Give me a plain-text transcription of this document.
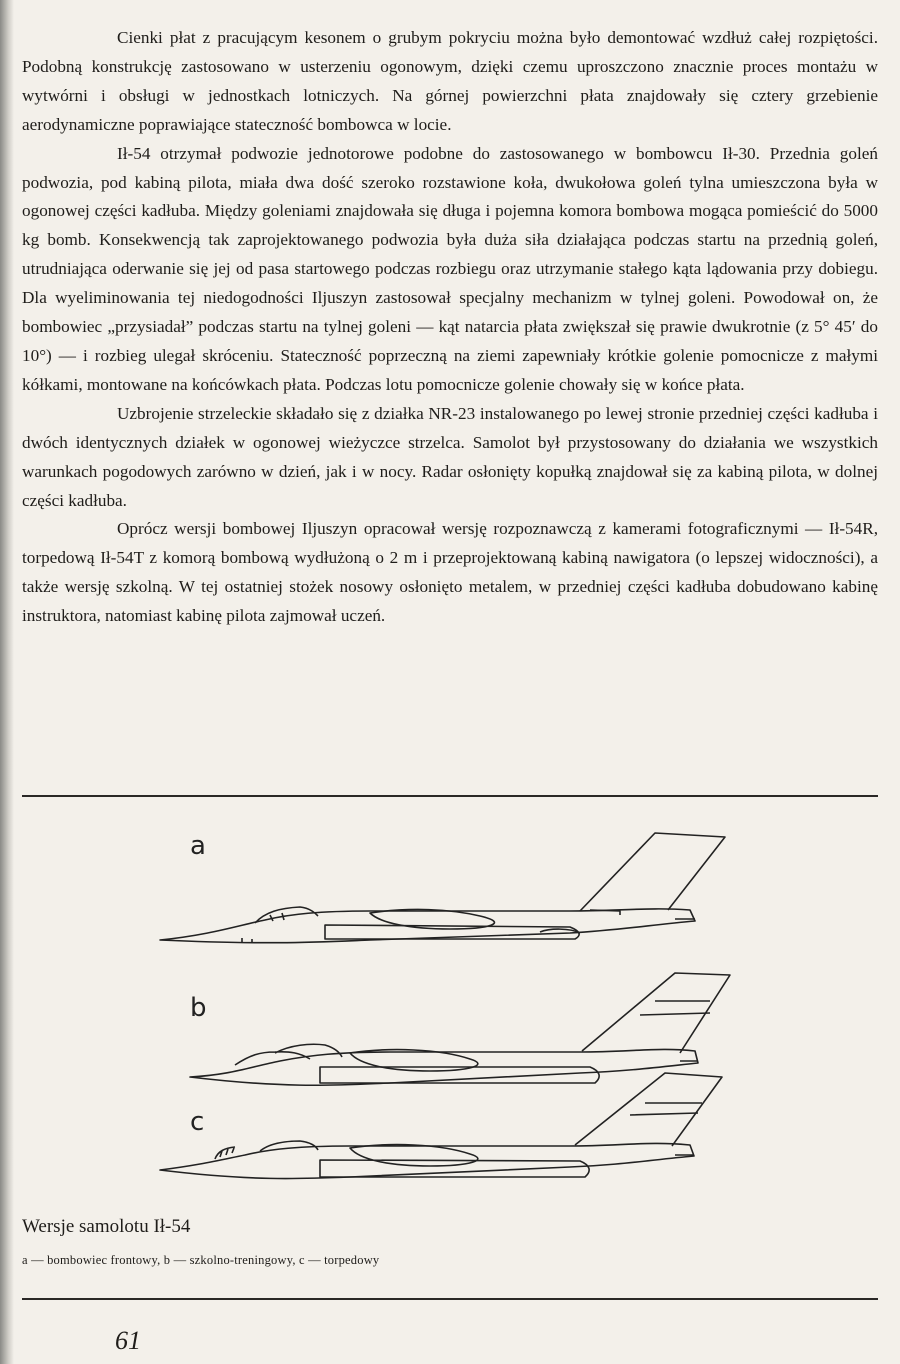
Cienki płat z pracującym kesonem o grubym pokryciu można było demontować wzdłuż całej rozpiętości. Podobną konstrukcję zastosowano w usterzeniu ogonowym, dzięki czemu uproszczono znacznie proces montażu w wytwórni i obsługi w jednostkach lotniczych. Na górnej powierzchni płata znajdowały się cztery grzebienie aerodynamiczne poprawiające stateczność bombowca w locie.

Ił-54 otrzymał podwozie jednotorowe podobne do zastosowanego w bombowcu Ił-30. Przednia goleń podwozia, pod kabiną pilota, miała dwa dość szeroko rozstawione koła, dwukołowa goleń tylna umieszczona była w ogonowej części kadłuba. Między goleniami znajdowała się długa i pojemna komora bombowa mogąca pomieścić do 5000 kg bomb. Konsekwencją tak zaprojektowanego podwozia była duża siła działająca podczas startu na przednią goleń, utrudniająca oderwanie się jej od pasa startowego podczas rozbiegu oraz utrzymanie stałego kąta lądowania przy dobiegu. Dla wyeliminowania tej niedogodności Iljuszyn zastosował specjalny mechanizm w tylnej goleni. Powodował on, że bombowiec „przysiadał” podczas startu na tylnej goleni — kąt natarcia płata zwiększał się prawie dwukrotnie (z 5° 45′ do 10°) — i rozbieg ulegał skróceniu. Stateczność poprzeczną na ziemi zapewniały krótkie golenie pomocnicze z małymi kółkami, montowane na końcówkach płata. Podczas lotu pomocnicze golenie chowały się w końce płata.

Uzbrojenie strzeleckie składało się z działka NR-23 instalowanego po lewej stronie przedniej części kadłuba i dwóch identycznych działek w ogonowej wieżyczce strzelca. Samolot był przystosowany do działania we wszystkich warunkach pogodowych zarówno w dzień, jak i w nocy. Radar osłonięty kopułką znajdował się za kabiną pilota, w dolnej części kadłuba.

Oprócz wersji bombowej Iljuszyn opracował wersję rozpoznawczą z kamerami fotograficznymi — Ił-54R, torpedową Ił-54T z komorą bombową wydłużoną o 2 m i przeprojektowaną kabiną nawigatora (o lepszej widoczności), a także wersję szkolną. W tej ostatniej stożek nosowy osłonięto metalem, w przedniej części kadłuba dobudowano kabinę instruktora, natomiast kabinę pilota zajmował uczeń.

a
b
c
Wersje samolotu Ił-54
a — bombowiec frontowy, b — szkolno-treningowy, c — torpedowy
61
